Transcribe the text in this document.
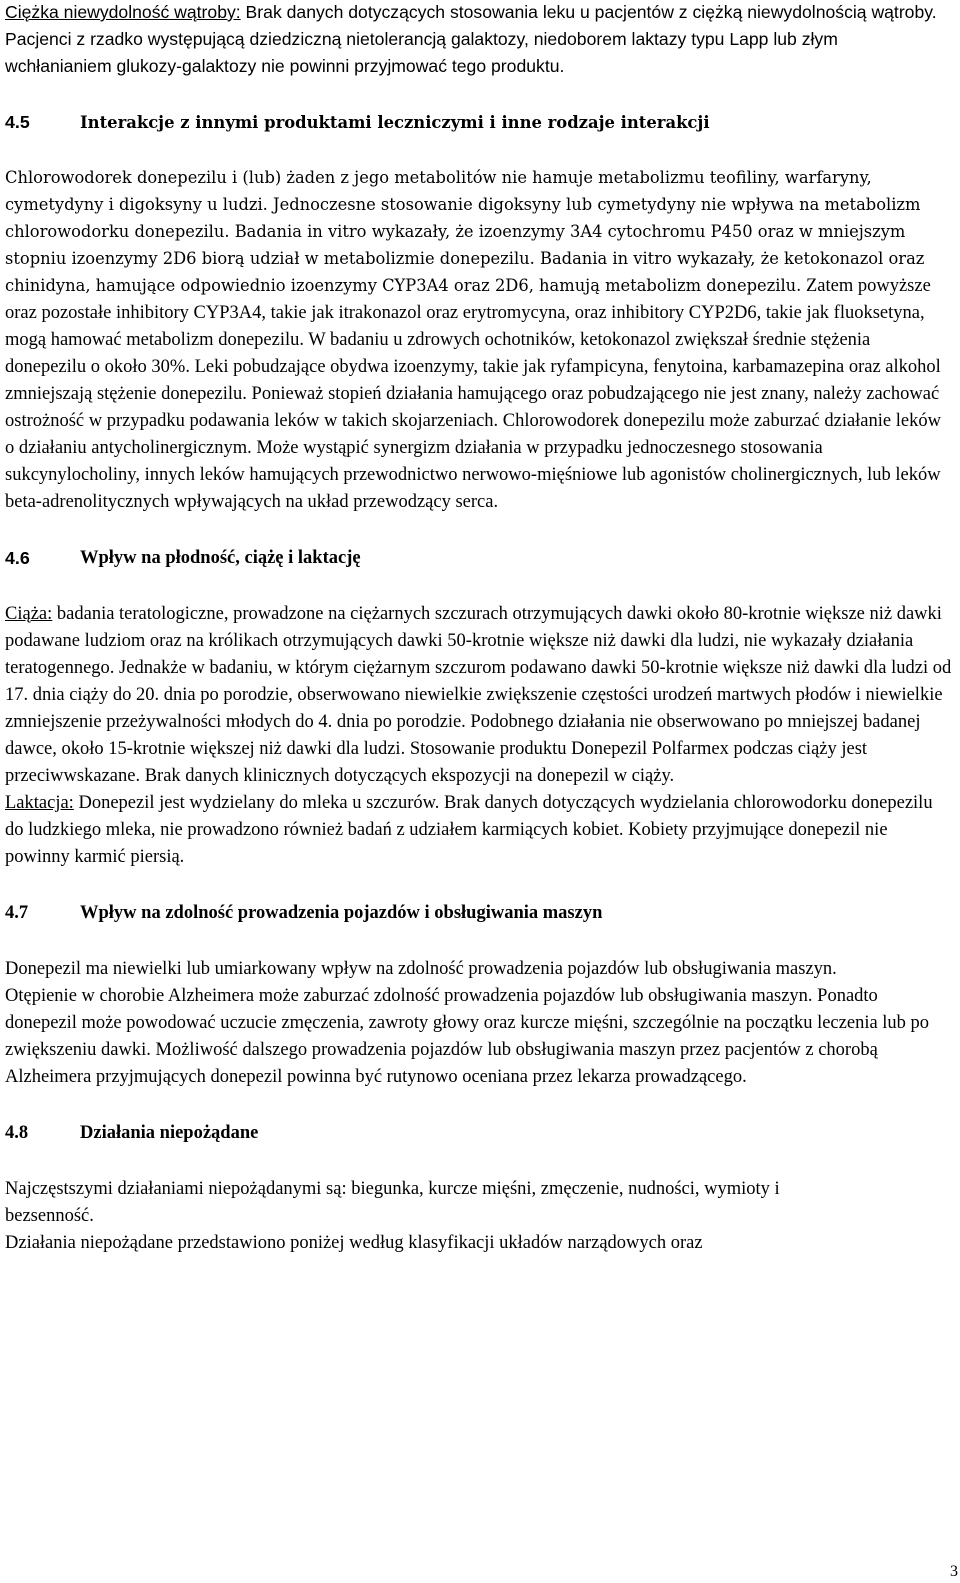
Ciężka niewydolność wątroby: Brak danych dotyczących stosowania leku u pacjentów z ciężką niewydolnością wątroby.

Pacjenci z rzadko występującą dziedziczną nietolerancją galaktozy, niedoborem laktazy typu Lapp lub złym wchłanianiem glukozy-galaktozy nie powinni przyjmować tego produktu.

4.5	Interakcje z innymi produktami leczniczymi i inne rodzaje interakcji

Chlorowodorek donepezilu i (lub) żaden z jego metabolitów nie hamuje metabolizmu teofiliny, warfaryny, cymetydyny i digoksyny u ludzi. Jednoczesne stosowanie digoksyny lub cymetydyny nie wpływa na metabolizm chlorowodorku donepezilu. Badania in vitro wykazały, że izoenzymy 3A4 cytochromu P450 oraz w mniejszym stopniu izoenzymy 2D6 biorą udział w metabolizmie donepezilu. Badania in vitro wykazały, że ketokonazol oraz chinidyna, hamujące odpowiednio izoenzymy CYP3A4 oraz 2D6, hamują metabolizm donepezilu. Zatem powyższe oraz pozostałe inhibitory CYP3A4, takie jak itrakonazol oraz erytromycyna, oraz inhibitory CYP2D6, takie jak fluoksetyna, mogą hamować metabolizm donepezilu. W badaniu u zdrowych ochotników, ketokonazol zwiększał średnie stężenia donepezilu o około 30%. Leki pobudzające obydwa izoenzymy, takie jak ryfampicyna, fenytoina, karbamazepina oraz alkohol zmniejszają stężenie donepezilu. Ponieważ stopień działania hamującego oraz pobudzającego nie jest znany, należy zachować ostrożność w przypadku podawania leków w takich skojarzeniach. Chlorowodorek donepezilu może zaburzać działanie leków o działaniu antycholinergicznym. Może wystąpić synergizm działania w przypadku jednoczesnego stosowania sukcynylocholiny, innych leków hamujących przewodnictwo nerwowo-mięśniowe lub agonistów cholinergicznych, lub leków beta-adrenolitycznych wpływających na układ przewodzący serca.

4.6	Wpływ na płodność, ciążę i laktację

Ciąża: badania teratologiczne, prowadzone na ciężarnych szczurach otrzymujących dawki około 80-krotnie większe niż dawki podawane ludziom oraz na królikach otrzymujących dawki 50-krotnie większe niż dawki dla ludzi, nie wykazały działania teratogennego. Jednakże w badaniu, w którym ciężarnym szczurom podawano dawki 50-krotnie większe niż dawki dla ludzi od 17. dnia ciąży do 20. dnia po porodzie, obserwowano niewielkie zwiększenie częstości urodzeń martwych płodów i niewielkie zmniejszenie przeżywalności młodych do 4. dnia po porodzie. Podobnego działania nie obserwowano po mniejszej badanej dawce, około 15-krotnie większej niż dawki dla ludzi. Stosowanie produktu Donepezil Polfarmex podczas ciąży jest przeciwwskazane. Brak danych klinicznych dotyczących ekspozycji na donepezil w ciąży.

Laktacja: Donepezil jest wydzielany do mleka u szczurów. Brak danych dotyczących wydzielania chlorowodorku donepezilu do ludzkiego mleka, nie prowadzono również badań z udziałem karmiących kobiet. Kobiety przyjmujące donepezil nie powinny karmić piersią.

4.7	Wpływ na zdolność prowadzenia pojazdów i obsługiwania maszyn

Donepezil ma niewielki lub umiarkowany wpływ na zdolność prowadzenia pojazdów lub obsługiwania maszyn.

Otępienie w chorobie Alzheimera może zaburzać zdolność prowadzenia pojazdów lub obsługiwania maszyn. Ponadto donepezil może powodować uczucie zmęczenia, zawroty głowy oraz kurcze mięśni, szczególnie na początku leczenia lub po zwiększeniu dawki. Możliwość dalszego prowadzenia pojazdów lub obsługiwania maszyn przez pacjentów z chorobą Alzheimera przyjmujących donepezil powinna być rutynowo oceniana przez lekarza prowadzącego.

4.8	Działania niepożądane

Najczęstszymi działaniami niepożądanymi są: biegunka, kurcze mięśni, zmęczenie, nudności, wymioty i bezsenność.

Działania niepożądane przedstawiono poniżej według klasyfikacji układów narządowych oraz

3
